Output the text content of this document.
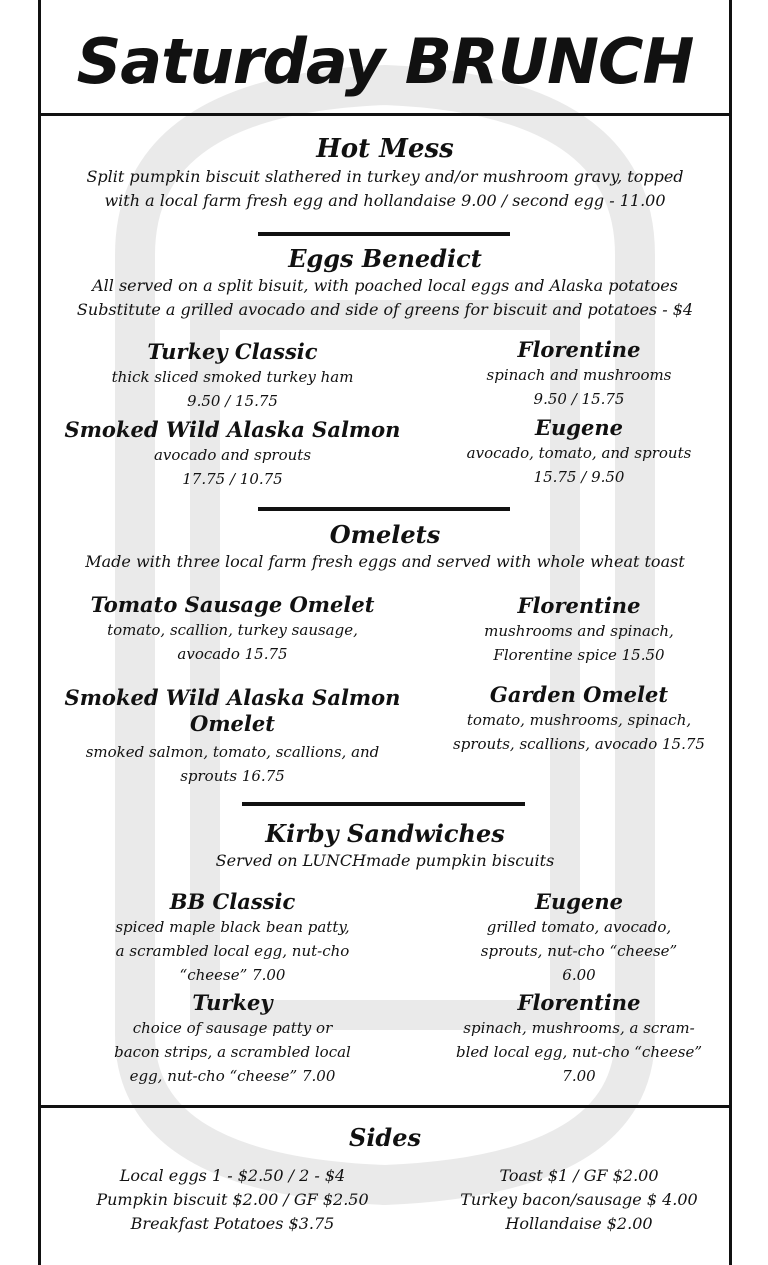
Saturday BRUNCH
Hot Mess
Split pumpkin biscuit slathered in turkey and/or mushroom gravy, topped
with a local farm fresh egg and hollandaise 9.00 / second egg - 11.00
Eggs Benedict
All served on a split bisuit, with poached local eggs and Alaska potatoes
Substitute a grilled avocado and side of greens for biscuit and potatoes - $4
Turkey Classic
thick sliced smoked turkey ham
9.50 / 15.75
Florentine
spinach and mushrooms
9.50 / 15.75
Smoked Wild Alaska Salmon
avocado and sprouts
17.75 / 10.75
Eugene
avocado, tomato, and sprouts
15.75 / 9.50
Omelets
Made with three local farm fresh eggs and served with whole wheat toast
Tomato Sausage Omelet
tomato, scallion, turkey sausage,
avocado 15.75
Florentine
mushrooms and spinach,
Florentine spice 15.50
Smoked Wild Alaska Salmon
Omelet
smoked salmon, tomato, scallions, and
sprouts 16.75
Garden Omelet
tomato, mushrooms, spinach,
sprouts, scallions, avocado 15.75
Kirby Sandwiches
Served on LUNCHmade pumpkin biscuits
BB Classic
spiced maple black bean patty,
a scrambled local egg, nut-cho
“cheese” 7.00
Eugene
grilled tomato, avocado,
sprouts, nut-cho “cheese”
6.00
Turkey
choice of sausage patty or
bacon strips, a scrambled local
egg, nut-cho “cheese” 7.00
Florentine
spinach, mushrooms, a scram-
bled local egg, nut-cho “cheese”
7.00
Sides
Local eggs 1 - $2.50 / 2 - $4
Pumpkin biscuit $2.00 / GF $2.50
Breakfast Potatoes $3.75
Toast $1 / GF $2.00
Turkey bacon/sausage $ 4.00
Hollandaise $2.00
